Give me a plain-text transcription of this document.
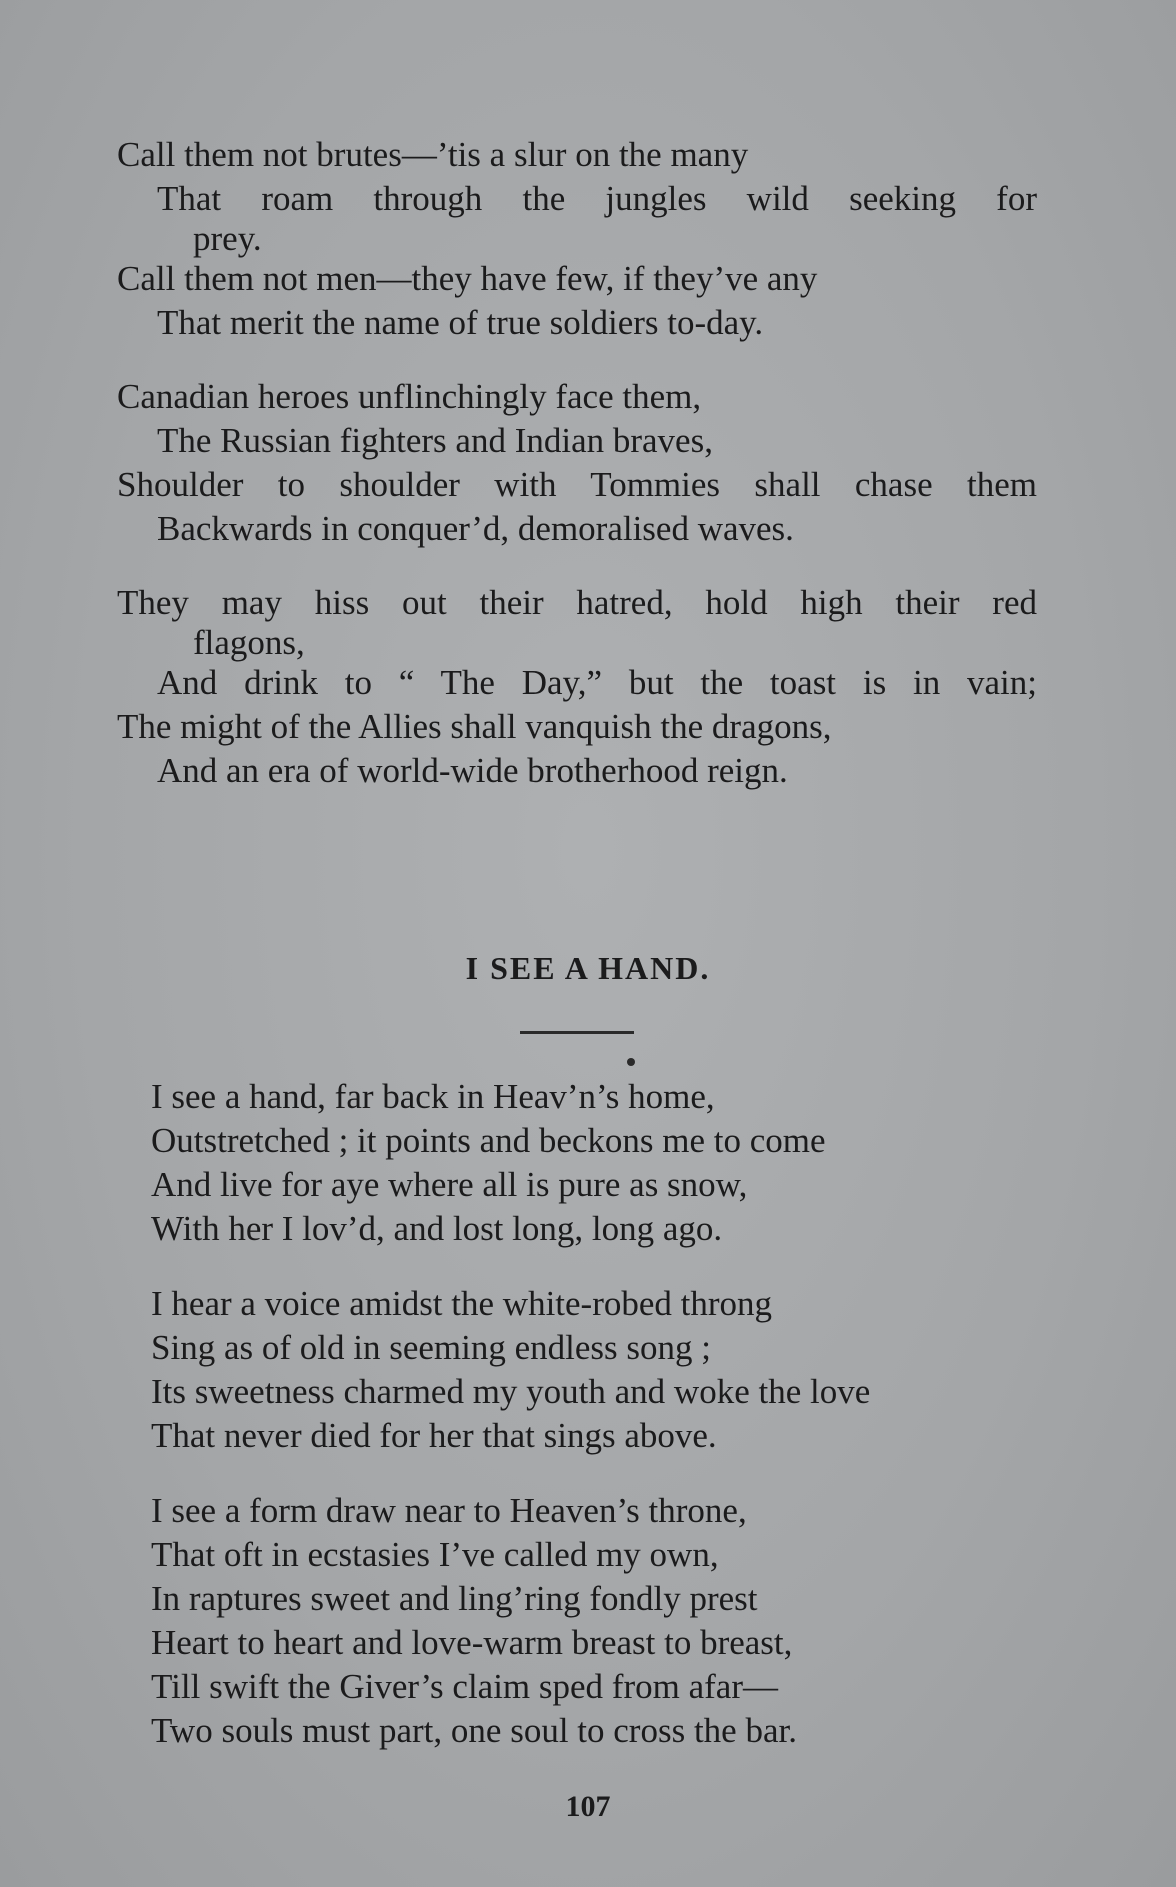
Call them not brutes—’tis a slur on the many
That roam through the jungles wild seeking for
prey.
Call them not men—they have few, if they’ve any
That merit the name of true soldiers to-day.
Canadian heroes unflinchingly face them,
The Russian fighters and Indian braves,
Shoulder to shoulder with Tommies shall chase them
Backwards in conquer’d, demoralised waves.
They may hiss out their hatred, hold high their red
flagons,
And drink to “ The Day,” but the toast is in vain;
The might of the Allies shall vanquish the dragons,
And an era of world-wide brotherhood reign.
I SEE A HAND.
I see a hand, far back in Heav’n’s home,
Outstretched ; it points and beckons me to come
And live for aye where all is pure as snow,
With her I lov’d, and lost long, long ago.
I hear a voice amidst the white-robed throng
Sing as of old in seeming endless song ;
Its sweetness charmed my youth and woke the love
That never died for her that sings above.
I see a form draw near to Heaven’s throne,
That oft in ecstasies I’ve called my own,
In raptures sweet and ling’ring fondly prest
Heart to heart and love-warm breast to breast,
Till swift the Giver’s claim sped from afar—
Two souls must part, one soul to cross the bar.
107
